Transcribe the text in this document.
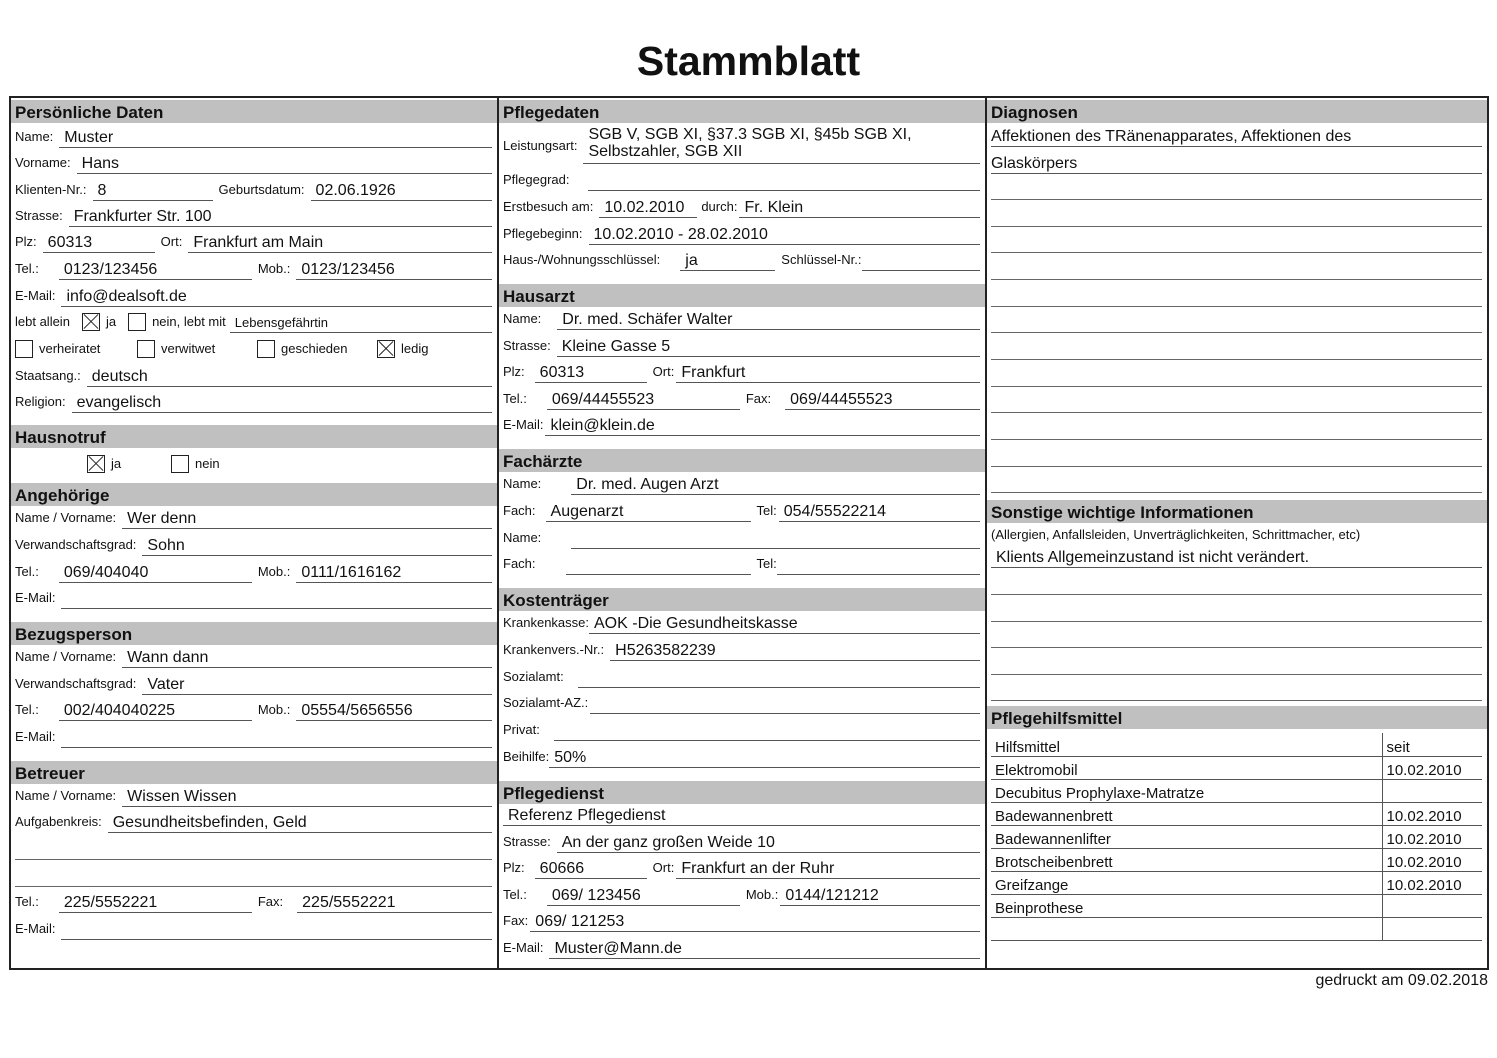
Stammblatt
Persönliche Daten
Name: Muster
Vorname: Hans
Klienten-Nr.: 8	Geburtsdatum: 02.06.1926
Strasse: Frankfurter Str. 100
Plz: 60313	Ort: Frankfurt am Main
Tel.:	0123/123456	Mob.: 0123/123456
E-Mail: info@dealsoft.de
lebt allein	ja	nein, lebt mit Lebensgefährtin
verheiratet	verwitwet	geschieden	ledig
Staatsang.: deutsch
Religion: evangelisch
Hausnotruf
ja	nein
Angehörige
Name / Vorname: Wer denn
Verwandschaftsgrad: Sohn
Tel.:	069/404040	Mob.: 0111/1616162
E-Mail:
Bezugsperson
Name / Vorname: Wann dann
Verwandschaftsgrad: Vater
Tel.:	002/404040225	Mob.: 05554/5656556
E-Mail:
Betreuer
Name / Vorname: Wissen Wissen
Aufgabenkreis: Gesundheitsbefinden, Geld
Tel.:	225/5552221	Fax:	225/5552221
E-Mail:
Pflegedaten
Leistungsart:
SGB V, SGB XI, §37.3 SGB XI, §45b SGB XI,
Selbstzahler, SGB XII
Pflegegrad:
Erstbesuch am: 10.02.2010	durch: Fr. Klein
Pflegebeginn: 10.02.2010 - 28.02.2010
Haus-/Wohnungsschlüssel:	ja	Schlüssel-Nr.:
Hausarzt
Name:	Dr. med. Schäfer Walter
Strasse: Kleine Gasse 5
Plz: 60313	Ort: Frankfurt
Tel.:	069/44455523	Fax:	069/44455523
E-Mail: klein@klein.de
Fachärzte
Name:	Dr. med. Augen Arzt
Fach: Augenarzt	Tel: 054/55522214
Name:
Fach:	Tel:
Kostenträger
Krankenkasse: AOK -Die Gesundheitskasse
Krankenvers.-Nr.: H5263582239
Sozialamt:
Sozialamt-AZ.:
Privat:
Beihilfe: 50%
Pflegedienst
Referenz Pflegedienst
Strasse: An der ganz großen Weide 10
Plz: 60666	Ort: Frankfurt an der Ruhr
Tel.:	069/ 123456	Mob.: 0144/121212
Fax: 069/ 121253
E-Mail: Muster@Mann.de
Diagnosen
Affektionen des TRänenapparates, Affektionen des
Glaskörpers
Sonstige wichtige Informationen
(Allergien, Anfallsleiden, Unverträglichkeiten, Schrittmacher, etc)
Klients Allgemeinzustand ist nicht verändert.
Pflegehilfsmittel
Hilfsmittel	seit
Elektromobil	10.02.2010
Decubitus Prophylaxe-Matratze	
Badewannenbrett	10.02.2010
Badewannenlifter	10.02.2010
Brotscheibenbrett	10.02.2010
Greifzange	10.02.2010
Beinprothese	

gedruckt am 09.02.2018
